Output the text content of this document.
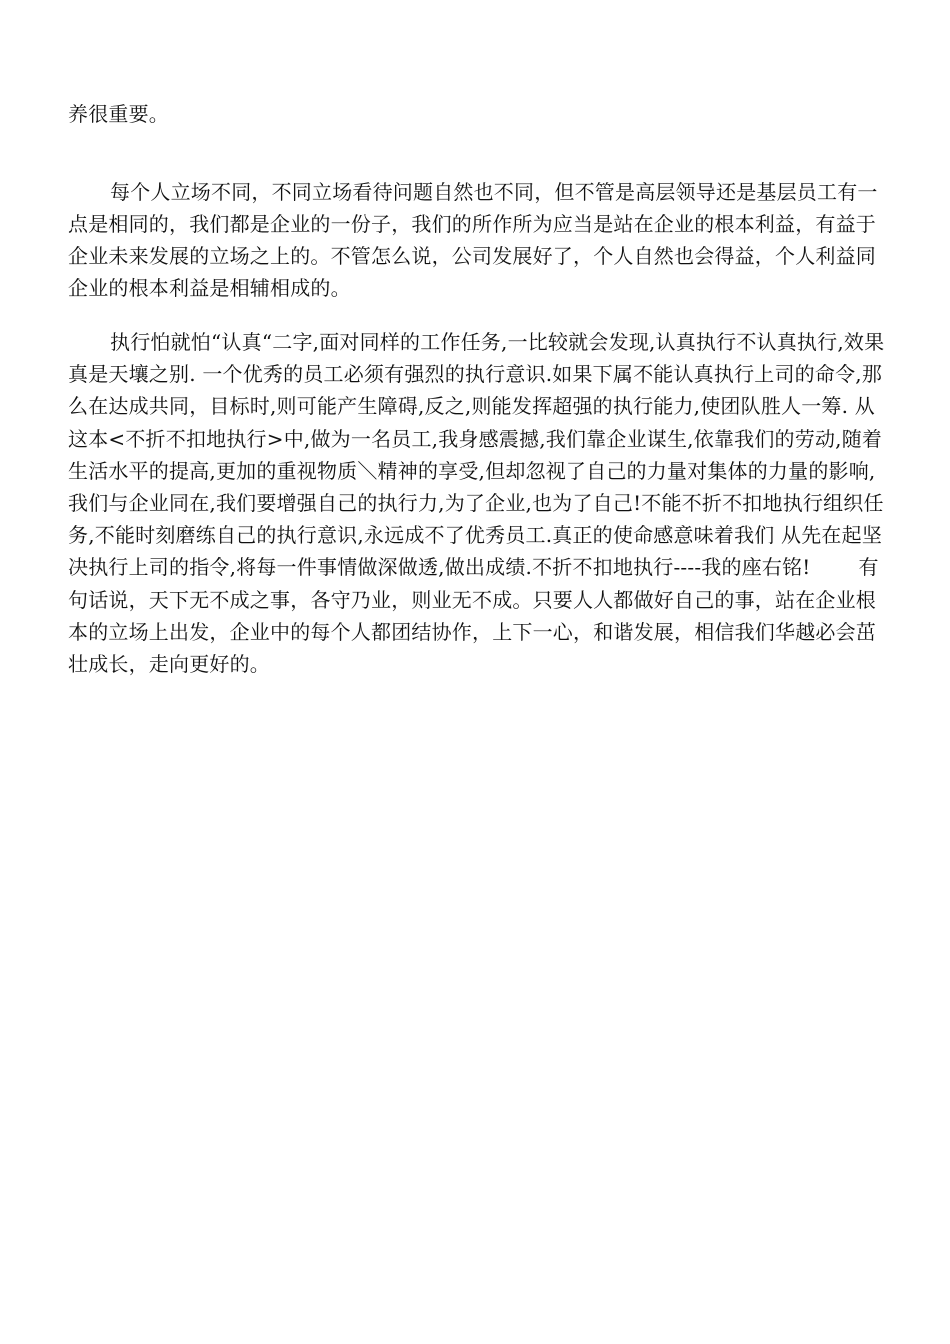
养很重要。

每个人立场不同，不同立场看待问题自然也不同，但不管是高层领导还是基层员工有一点是相同的，我们都是企业的一份子，我们的所作所为应当是站在企业的根本利益，有益于企业未来发展的立场之上的。不管怎么说，公司发展好了，个人自然也会得益，个人利益同企业的根本利益是相辅相成的。

执行怕就怕“认真“二字,面对同样的工作任务,一比较就会发现,认真执行不认真执行,效果真是天壤之别. 一个优秀的员工必须有强烈的执行意识.如果下属不能认真执行上司的命令,那么在达成共同，目标时,则可能产生障碍,反之,则能发挥超强的执行能力,使团队胜人一筹. 从这本<不折不扣地执行>中,做为一名员工,我身感震撼,我们靠企业谋生,依靠我们的劳动,随着生活水平的提高,更加的重视物质＼精神的享受,但却忽视了自己的力量对集体的力量的影响,我们与企业同在,我们要增强自己的执行力,为了企业,也为了自己!不能不折不扣地执行组织任务,不能时刻磨练自己的执行意识,永远成不了优秀员工.真正的使命感意味着我们 从先在起坚决执行上司的指令,将每一件事情做深做透,做出成绩.不折不扣地执行----我的座右铭! 有句话说，天下无不成之事，各守乃业，则业无不成。只要人人都做好自己的事，站在企业根本的立场上出发，企业中的每个人都团结协作，上下一心，和谐发展，相信我们华越必会茁壮成长，走向更好的。
